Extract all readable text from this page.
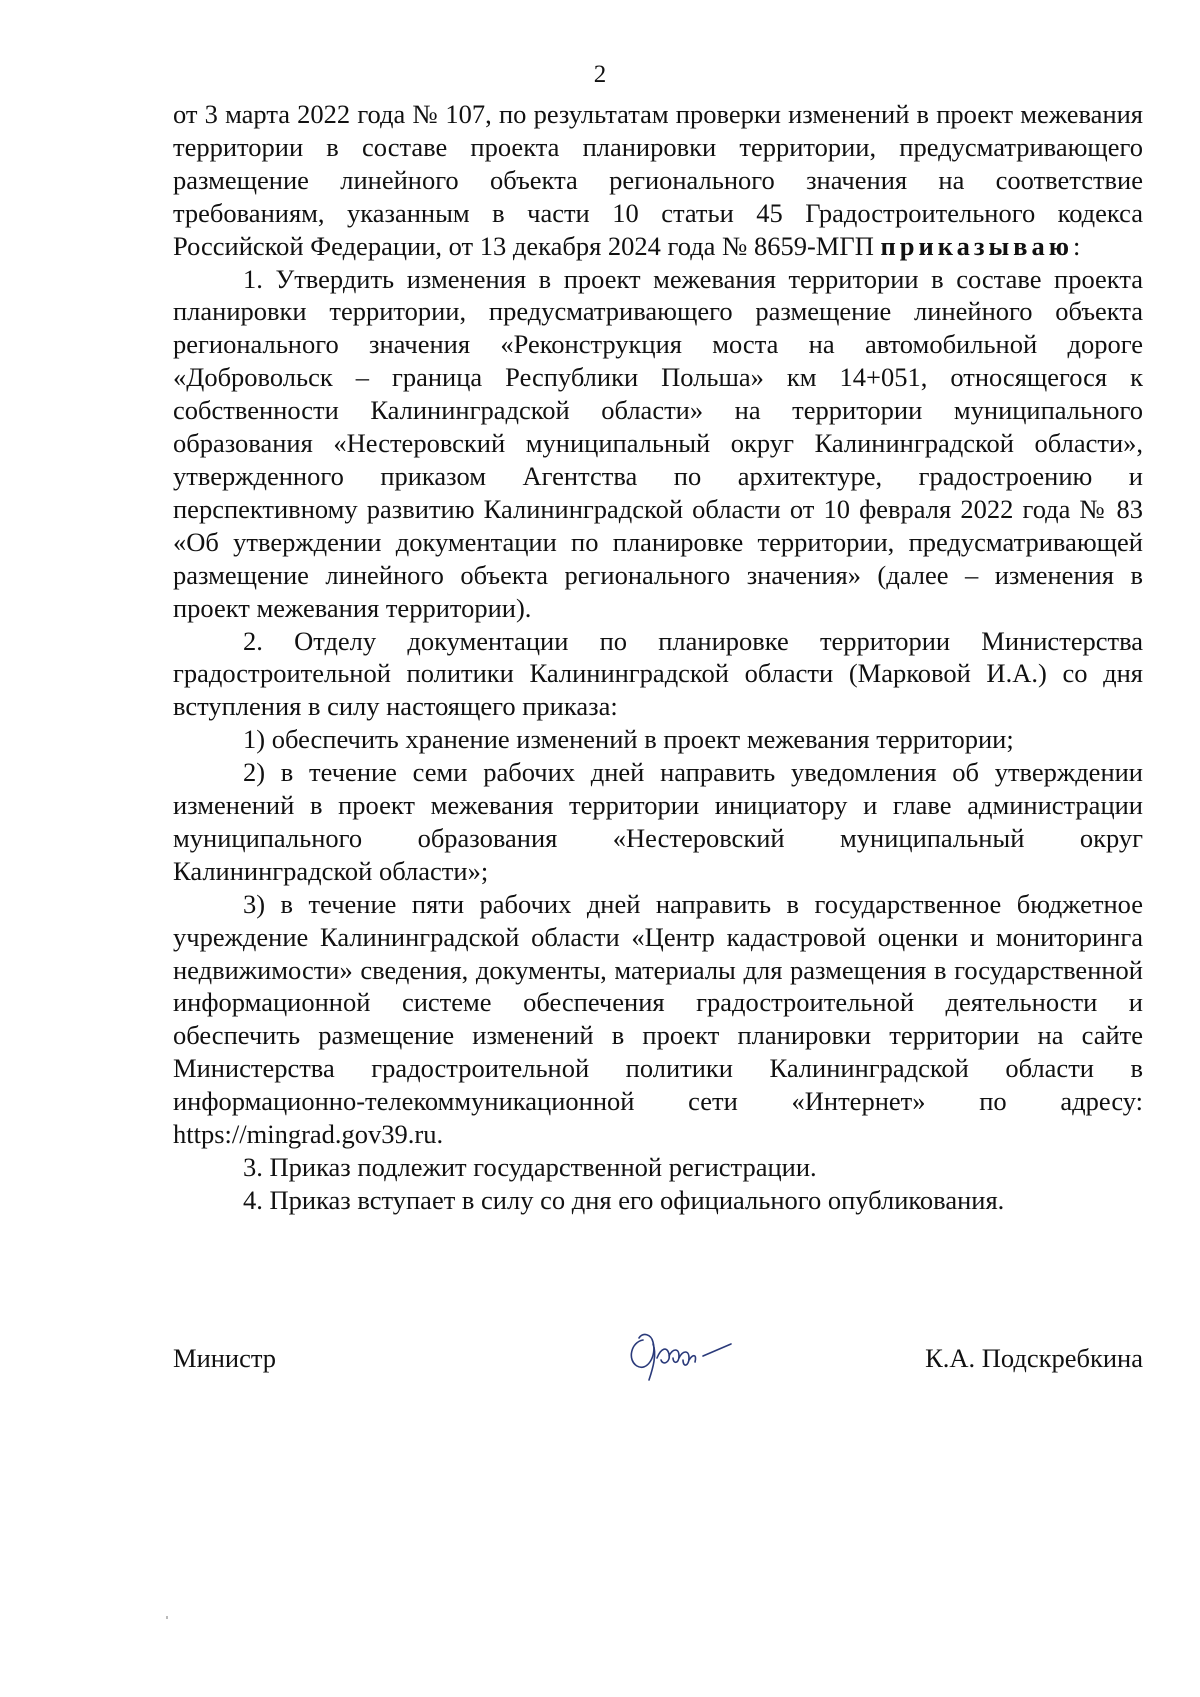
2

от 3 марта 2022 года № 107, по результатам проверки изменений в проект межевания территории в составе проекта планировки территории, предусматривающего размещение линейного объекта регионального значения на соответствие требованиям, указанным в части 10 статьи 45 Градостроительного кодекса Российской Федерации, от 13 декабря 2024 года № 8659-МГП приказываю:

1. Утвердить изменения в проект межевания территории в составе проекта планировки территории, предусматривающего размещение линейного объекта регионального значения «Реконструкция моста на автомобильной дороге «Добровольск – граница Республики Польша» км 14+051, относящегося к собственности Калининградской области» на территории муниципального образования «Нестеровский муниципальный округ Калининградской области», утвержденного приказом Агентства по архитектуре, градостроению и перспективному развитию Калининградской области от 10 февраля 2022 года № 83 «Об утверждении документации по планировке территории, предусматривающей размещение линейного объекта регионального значения» (далее – изменения в проект межевания территории).

2. Отделу документации по планировке территории Министерства градостроительной политики Калининградской области (Марковой И.А.) со дня вступления в силу настоящего приказа:

1) обеспечить хранение изменений в проект межевания территории;

2) в течение семи рабочих дней направить уведомления об утверждении изменений в проект межевания территории инициатору и главе администрации муниципального образования «Нестеровский муниципальный округ Калининградской области»;

3) в течение пяти рабочих дней направить в государственное бюджетное учреждение Калининградской области «Центр кадастровой оценки и мониторинга недвижимости» сведения, документы, материалы для размещения в государственной информационной системе обеспечения градостроительной деятельности и обеспечить размещение изменений в проект планировки территории на сайте Министерства градостроительной политики Калининградской области в информационно-телекоммуникационной сети «Интернет» по адресу: https://mingrad.gov39.ru.

3. Приказ подлежит государственной регистрации.

4. Приказ вступает в силу со дня его официального опубликования.

Министр	К.А. Подскребкина
